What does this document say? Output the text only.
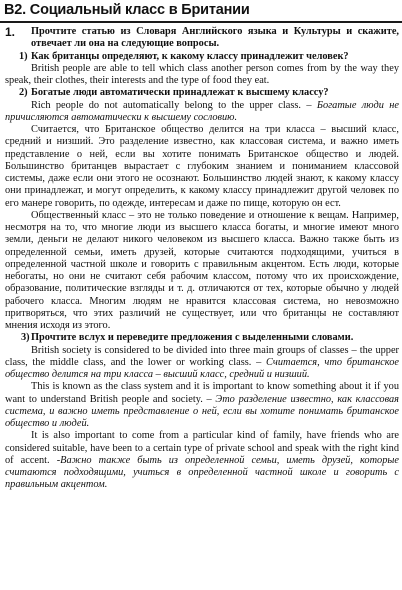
В2. Социальный класс в Британии

1. Прочтите статью из Словаря Английского языка и Культуры и скажите, отвечает ли она на следующие вопросы.

1) Как британцы определяют, к какому классу принадлежит человек?

British people are able to tell which class another person comes from by the way they speak, their clothes, their interests and the type of food they eat.

2) Богатые люди автоматически принадлежат к высшему классу?

Rich people do not automatically belong to the upper class. – Богатые люди не причисляются автоматически к высшему сословию.

Считается, что Британское общество делится на три класса – высший класс, средний и низший. Это разделение известно, как классовая система, и важно иметь представление о ней, если вы хотите понимать Британское общество и людей. Большинство британцев вырастает с глубоким знанием и пониманием классовой системы, даже если они этого не осознают. Большинство людей знают, к какому классу они принадлежат, и могут определить, к какому классу принадлежит другой человек по его манере говорить, по одежде, интересам и даже по пище, которую он ест.

Общественный класс – это не только поведение и отношение к вещам. Например, несмотря на то, что многие люди из высшего класса богаты, и многие имеют много земли, деньги не делают никого человеком из высшего класса. Важно также быть из определенной семьи, иметь друзей, которые считаются подходящими, учиться в определенной частной школе и говорить с правильным акцентом. Есть люди, которые небогаты, но они не считают себя рабочим классом, потому что их происхождение, образование, политические взгляды и т. д. отличаются от тех, которые обычно у людей рабочего класса. Многим людям не нравится классовая система, но невозможно притворяться, что этих различий не существует, или что британцы не составляют мнения исходя из этого.

3) Прочтите вслух и переведите предложения с выделенными словами.

British society is considered to be divided into three main groups of classes – the upper class, the middle class, and the lower or working class. – Считается, что британское общество делится на три класса – высший класс, средний и низший.

This is known as the class system and it is important to know something about it if you want to understand British people and society. – Это разделение известно, как классовая система, и важно иметь представление о ней, если вы хотите понимать британское общество и людей.

It is also important to come from a particular kind of family, have friends who are considered suitable, have been to a certain type of private school and speak with the right kind of accent. -Важно также быть из определенной семьи, иметь друзей, которые считаются подходящими, учиться в определенной частной школе и говорить с правильным акцентом.
